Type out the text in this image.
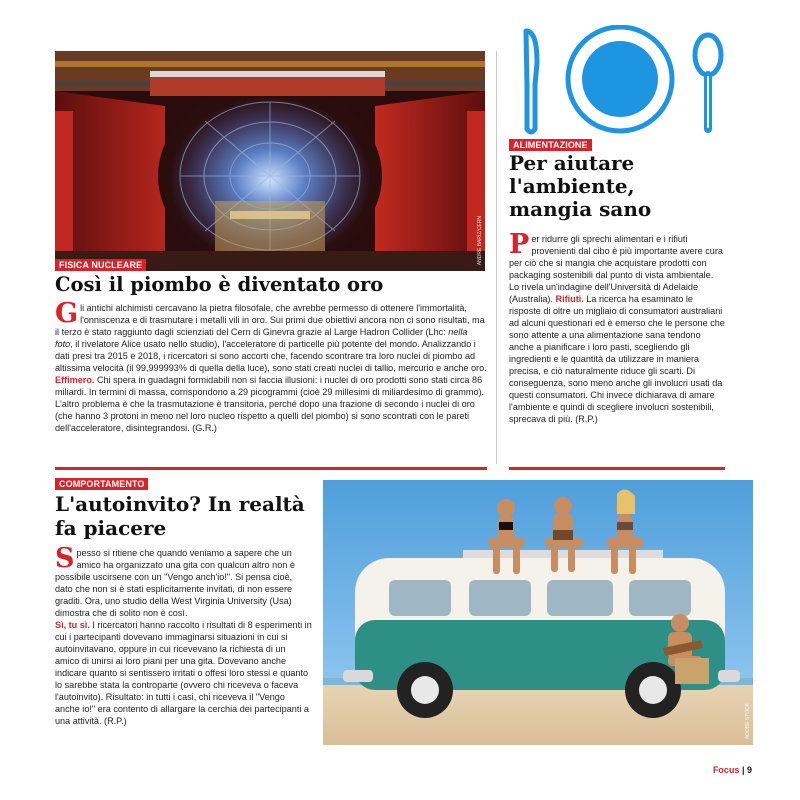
ANDRE BARIZ/CERN
FISICA NUCLEARE
Così il piombo è diventato oro

Gli antichi alchimisti cercavano la pietra filosofale, che avrebbe permesso di ottenere l'immortalità, l'onniscenza e di trasmutare i metalli vili in oro. Sui primi due obiettivi ancora non ci sono risultati, ma il terzo è stato raggiunto dagli scienziati del Cern di Ginevra grazie al Large Hadron Collider (Lhc: nella foto, il rivelatore Alice usato nello studio), l'acceleratore di particelle più potente del mondo. Analizzando i dati presi tra 2015 e 2018, i ricercatori si sono accorti che, facendo scontrare tra loro nuclei di piombo ad altissima velocità (il 99,999993% di quella della luce), sono stati creati nuclei di tallio, mercurio e anche oro.
Effimero. Chi spera in guadagni formidabili non si faccia illusioni: i nuclei di oro prodotti sono stati circa 86 miliardi. In termini di massa, corrispondono a 29 picogrammi (cioè 29 millesimi di miliardesimo di grammo). L'altro problema è che la trasmutazione è transitoria, perché dopo una frazione di secondo i nuclei di oro (che hanno 3 protoni in meno nel loro nucleo rispetto a quelli del piombo) si sono scontrati con le pareti dell'acceleratore, disintegrandosi. (G.R.)

ALIMENTAZIONE
Per aiutare l'ambiente, mangia sano

Per ridurre gli sprechi alimentari e i rifiuti provenienti dal cibo è più importante avere cura per ciò che si mangia che acquistare prodotti con packaging sostenibili dal punto di vista ambientale. Lo rivela un'indagine dell'Università di Adelaide (Australia). Rifiuti. La ricerca ha esaminato le risposte di oltre un migliaio di consumatori australiani ad alcuni questionari ed è emerso che le persone che sono attente a una alimentazione sana tendono anche a pianificare i loro pasti, scegliendo gli ingredienti e le quantità da utilizzare in maniera precisa, e ciò naturalmente riduce gli scarti. Di conseguenza, sono meno anche gli involucri usati da questi consumatori. Chi invece dichiarava di amare l'ambiente e quindi di scegliere involucri sostenibili, sprecava di più. (R.P.)

COMPORTAMENTO
L'autoinvito? In realtà fa piacere

Spesso si ritiene che quando veniamo a sapere che un amico ha organizzato una gita con qualcun altro non è possibile uscirsene con un "Vengo anch'io!". Si pensa cioè, dato che non si è stati esplicitamente invitati, di non essere graditi. Ora, uno studio della West Virginia University (Usa) dimostra che di solito non è così.
Sì, tu sì. I ricercatori hanno raccolto i risultati di 8 esperimenti in cui i partecipanti dovevano immaginarsi situazioni in cui si autoinvitavano, oppure in cui ricevevano la richiesta di un amico di unirsi ai loro piani per una gita. Dovevano anche indicare quanto si sentissero irritati o offesi loro stessi e quanto lo sarebbe stata la controparte (ovvero chi riceveva o faceva l'autoinvito). Risultato: in tutti i casi, chi riceveva il "Vengo anche io!" era contento di allargare la cerchia dei partecipanti a una attività. (R.P.)	ADOBE STOCK
Focus | 9
